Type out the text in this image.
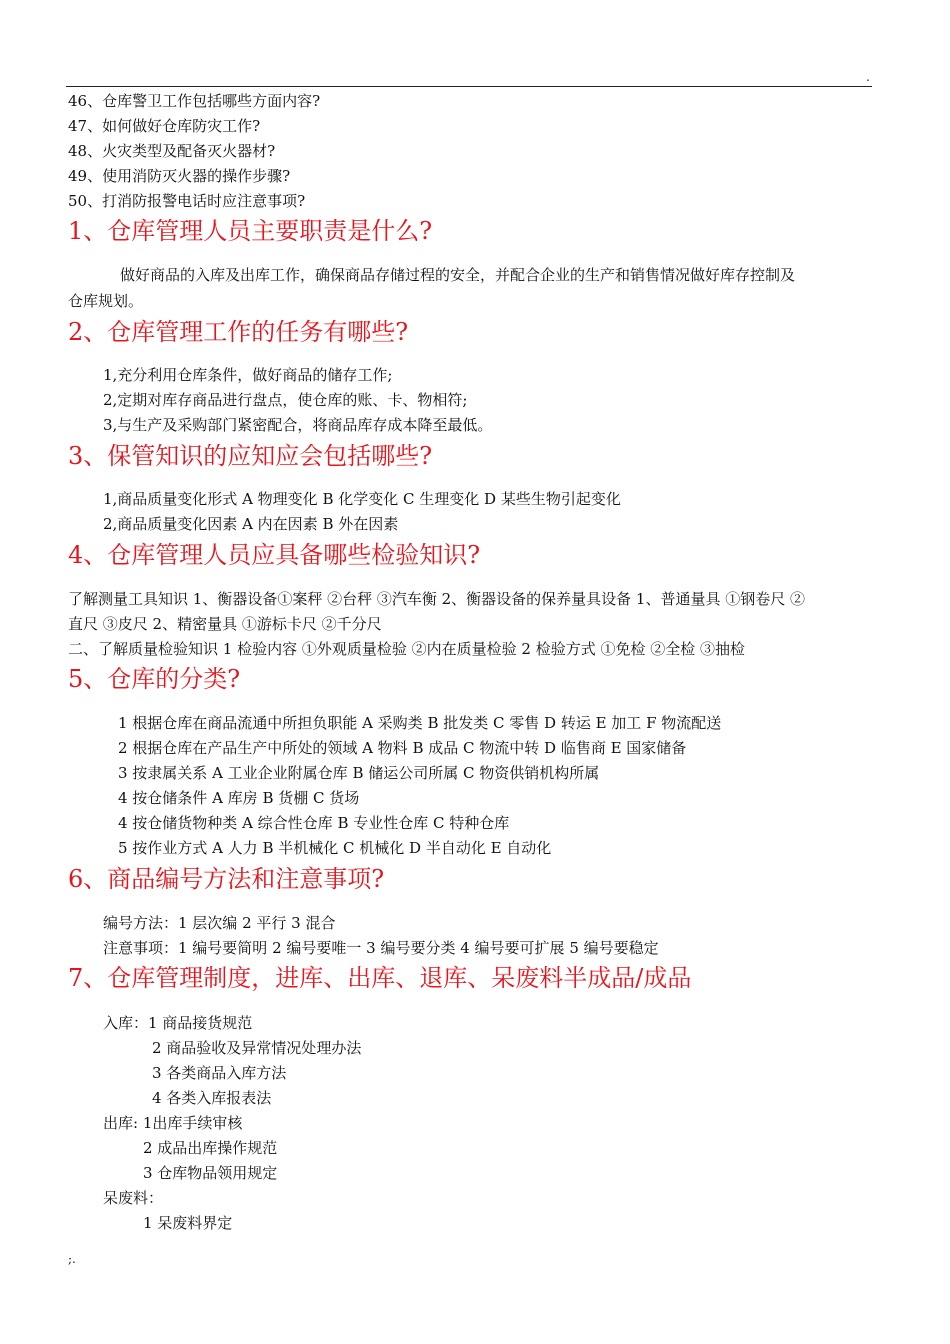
.
46、仓库警卫工作包括哪些方面内容?
47、如何做好仓库防灾工作?
48、火灾类型及配备灭火器材?
49、使用消防灭火器的操作步骤?
50、打消防报警电话时应注意事项?
1、仓库管理人员主要职责是什么?
做好商品的入库及出库工作，确保商品存储过程的安全，并配合企业的生产和销售情况做好库存控制及
仓库规划。
2、仓库管理工作的任务有哪些?
1,充分利用仓库条件，做好商品的储存工作;
2,定期对库存商品进行盘点，使仓库的账、卡、物相符;
3,与生产及采购部门紧密配合，将商品库存成本降至最低。
3、保管知识的应知应会包括哪些?
1,商品质量变化形式 A 物理变化 B 化学变化 C 生理变化 D 某些生物引起变化
2,商品质量变化因素 A 内在因素 B 外在因素
4、仓库管理人员应具备哪些检验知识?
了解测量工具知识 1、衡器设备①案秤 ②台秤 ③汽车衡 2、衡器设备的保养量具设备 1、普通量具 ①钢卷尺 ②
直尺 ③皮尺 2、精密量具 ①游标卡尺 ②千分尺
二、了解质量检验知识 1 检验内容 ①外观质量检验 ②内在质量检验 2 检验方式 ①免检 ②全检 ③抽检
5、仓库的分类?
1 根据仓库在商品流通中所担负职能 A 采购类 B 批发类 C 零售 D 转运 E 加工 F 物流配送
2 根据仓库在产品生产中所处的领域 A 物料 B 成品 C 物流中转 D 临售商 E 国家储备
3 按隶属关系 A 工业企业附属仓库 B 储运公司所属 C 物资供销机构所属
4 按仓储条件 A 库房 B 货棚 C 货场
4 按仓储货物种类 A 综合性仓库 B 专业性仓库 C 特种仓库
5 按作业方式 A 人力 B 半机械化 C 机械化 D 半自动化 E 自动化
6、商品编号方法和注意事项?
编号方法：1 层次编 2 平行 3 混合
注意事项：1 编号要简明 2 编号要唯一 3 编号要分类 4 编号要可扩展 5 编号要稳定
7、仓库管理制度，进库、出库、退库、呆废料半成品/成品
入库：1 商品接货规范
2 商品验收及异常情况处理办法
3 各类商品入库方法
4 各类入库报表法
出库: 1出库手续审核
2 成品出库操作规范
3 仓库物品领用规定
呆废料：
1 呆废料界定
;.
